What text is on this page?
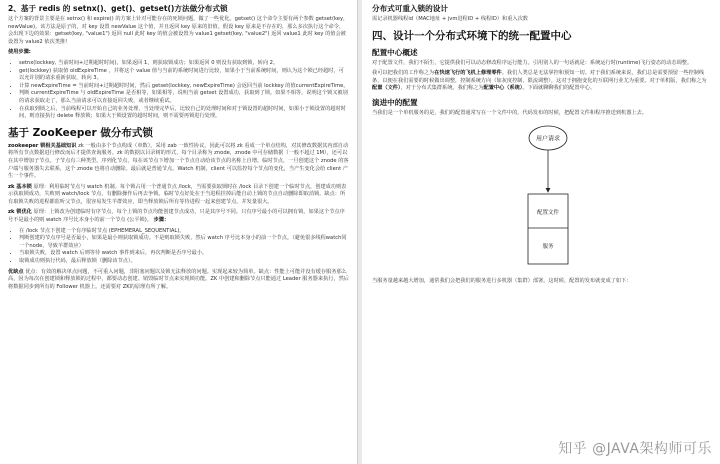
2、基于 redis 的 setnx()、get()、getset()方法做分布式锁

这个方案的背景主要是在 setnx() 和 expire() 的方案上针对可能存在的死锁问题，做了一些优化。getset() 这个命令主要有两个参数 getset(key，newValue)。该方法是原子的，对 key 设置 newValue 这个值，并且返回 key 原来的旧值。假设 key 原来是不存在的，那么多次执行这个命令，会出现下边的效果：getset(key, "value1") 返回 null 此时 key 的值会被设置为 value1 getset(key, "value2") 返回 value1 此时 key 的值会被设置为 value2 依次类推!

使用步骤:

• setnx(lockkey, 当前时间+过期超时时间)，如果返回 1，则获取锁成功；如果返回 0 则没有获取到锁，转向 2。
• get(lockkey) 获取值 oldExpireTime ，并将这个 value 值与当前的系统时间进行比较，如果小于当前系统时间，则认为这个锁已经超时，可以允许别的请求重新获取，转向 3。
• 计算 newExpireTime = 当前时间+过期超时时间，然后 getset(lockkey, newExpireTime) 会返回当前 lockkey 的值currentExpireTime。
• 判断 currentExpireTime 与 oldExpireTime 是否相等，如果相等，说明当前 getset 设置成功，获取到了锁。如果不相等，说明这个锁又被别的请求获取走了，那么当前请求可以直接返回失败，或者继续重试。
• 在获取到锁之后，当前线程可以开始自己的业务处理，当处理完毕后，比较自己的处理时间和对于锁设置的超时时间，如果小于锁设置的超时时间，则直接执行 delete 释放锁；如果大于锁设置的超时时间，则不需要再锁进行处理。
基于 ZooKeeper 做分布式锁

zookeeper 锁相关基础知识 zk 一般由多个节点构成（单数），采用 zab 一致性协议。因此可以将 zk 看成一个单点结构，对其修改数据其内部自动将所有节点数据进行修改而后才提供查询服务。zk 的数据以目录树的形式，每个目录称为 znode，znode 中可存储数据（一般不超过 1M），还可以在其中增加子节点。子节点有三种类型。序列化节点，每在该节点下增加一个节点自动给该节点的名称上自增。临时节点，一旦创建这个 znode 的客户端与服务器失去联系，这个 znode 也将自动删除。最后就是普通节点。Watch 机制，client 可以监控每个节点的变化，当产生变化会给 client 产生一个事件。

zk 基本锁 原理：利用临时节点与 watch 机制。每个锁占用一个普通节点 /lock，当需要获取锁时在 /lock 目录下创建一个临时节点，创建成功则表示获取锁成功，失败则 watch/lock 节点，有删除操作后再去争锁。临时节点好处在于当进程挂掉后能自动上锁的节点自动删除即取消锁。缺点：所有取锁失败的进程都监听父节点，很容易发生羊群效应，即当释放锁后所有等待进程一起来创建节点，并发量很大。

zk 锁优化 原理：上锁改为创建临时有序节点，每个上锁的节点均能创建节点成功，只是其序号不同。只有序号最小的可以拥有锁，如果这个节点序号不是最小的则 watch 序号比本身小的前一个节点 (公平锁)。 步骤：

• 在 /lock 节点下创建一个有序临时节点 (EPHEMERAL_SEQUENTIAL)。
• 判断创建的节点序号是否最小，如果是最小则获取锁成功。不是则取锁失败，然后 watch 序号比本身小的前一个节点。（避免很多线程watch同一个node，导致羊群效应）
• 当取锁失败，设置 watch 后则等待 watch 事件到来后，再次判断是否序号最小。
• 取锁成功则执行代码，最后释放锁（删除该节点）。

优缺点 优点：有效的解决单点问题，不可重入问题，非阻塞问题以及锁无法释放的问题。实现起来较为简单。缺点：性能上可能并没有缓存服务那么高，因为每次在创建锁和释放锁的过程中，都要动态创建、销毁临时节点来实现锁功能。ZK 中创建和删除节点只能通过 Leader 服务器来执行，然后将数据同步到所有的 Follower 机器上。还需要对 ZK的原理有所了解。

分布式可重入锁的设计

需记录机器线程id（MAC地址 + jvm进程ID + 线程ID）和重入次数

四、设计一个分布式环境下的统一配置中心
配置中心概述

对于配置文件，我们不陌生，它提供我们可以动态修改程序运行能力。引用别人的一句话就是：系统运行时(runtime)飞行姿态的动态调整。

我可以把我们的工作称之为在快速飞行的飞机上修理零件。我们人类总是无法掌控和预知一切。对于我们系统来说，我们总是需要预留一些控制线条，以便在我们需要的时候做出调整，控制系统方向（如灰度控制、限流调整），这对于拥抱变化的互联网行业尤为重要。对于单机版，我们称之为配置（文件），对于分布式集群系统，我们称之为配置中心（系统）。下面就聊聊我们的配置中心。

演进中的配置

当我们是一个单机服务的是，我们的配置通常写在一个文件中的，代码发布的时候，把配置文件和程序推送到机器上去。

用户请求
配置文件
服务

当服务量越来越大增加，通常我们会把我们的服务进行多机器（集群）部署。这时候，配置的发布就变成了如下：

知乎 @JAVA架构师可乐
